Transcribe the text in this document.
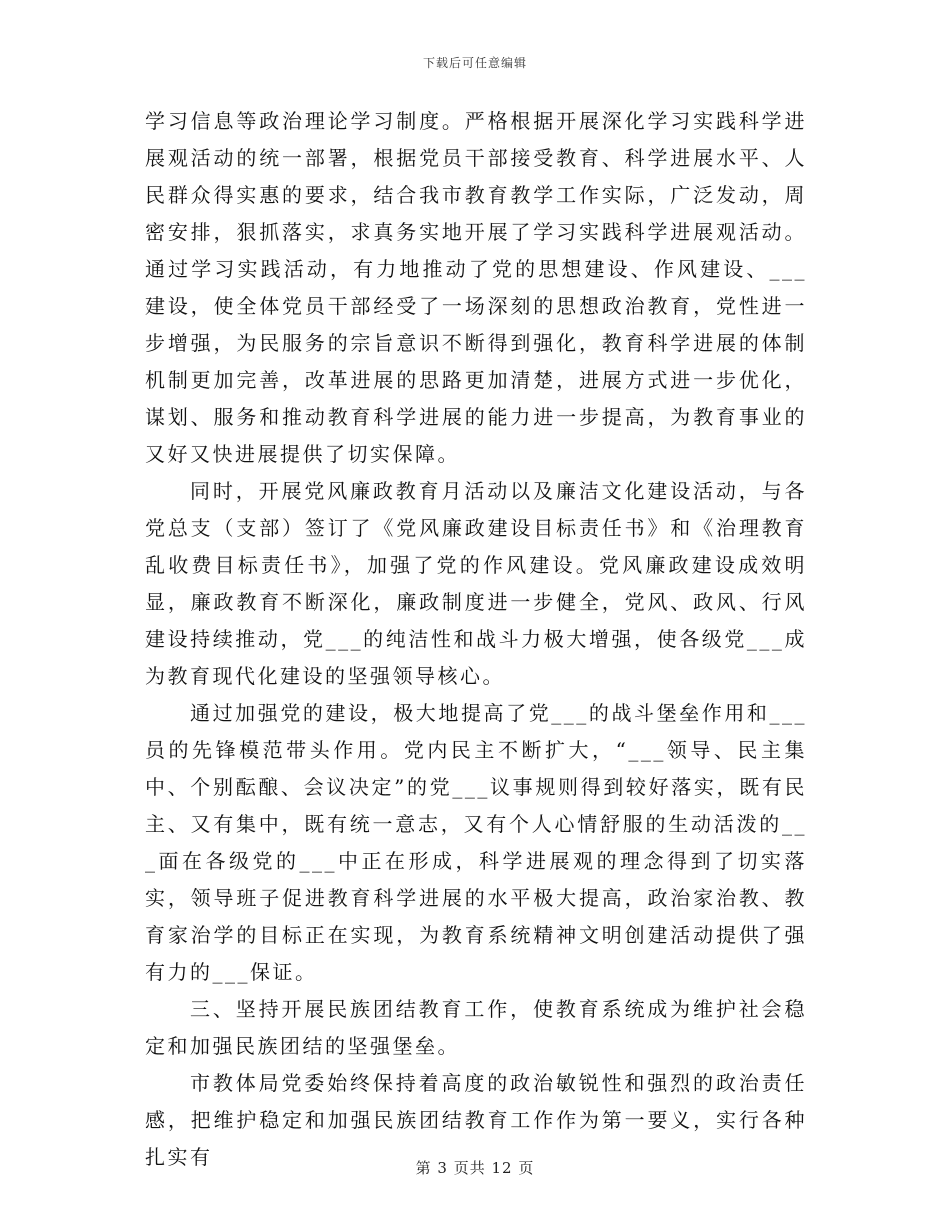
下载后可任意编辑

学习信息等政治理论学习制度。严格根据开展深化学习实践科学进展观活动的统一部署，根据党员干部接受教育、科学进展水平、人民群众得实惠的要求，结合我市教育教学工作实际，广泛发动，周密安排，狠抓落实，求真务实地开展了学习实践科学进展观活动。通过学习实践活动，有力地推动了党的思想建设、作风建设、___建设，使全体党员干部经受了一场深刻的思想政治教育，党性进一步增强，为民服务的宗旨意识不断得到强化，教育科学进展的体制机制更加完善，改革进展的思路更加清楚，进展方式进一步优化，谋划、服务和推动教育科学进展的能力进一步提高，为教育事业的又好又快进展提供了切实保障。

同时，开展党风廉政教育月活动以及廉洁文化建设活动，与各党总支（支部）签订了《党风廉政建设目标责任书》和《治理教育乱收费目标责任书》，加强了党的作风建设。党风廉政建设成效明显，廉政教育不断深化，廉政制度进一步健全，党风、政风、行风建设持续推动，党___的纯洁性和战斗力极大增强，使各级党___成为教育现代化建设的坚强领导核心。

通过加强党的建设，极大地提高了党___的战斗堡垒作用和___员的先锋模范带头作用。党内民主不断扩大，“___领导、民主集中、个别酝酿、会议决定”的党___议事规则得到较好落实，既有民主、又有集中，既有统一意志，又有个人心情舒服的生动活泼的___面在各级党的___中正在形成，科学进展观的理念得到了切实落实，领导班子促进教育科学进展的水平极大提高，政治家治教、教育家治学的目标正在实现，为教育系统精神文明创建活动提供了强有力的___保证。

三、坚持开展民族团结教育工作，使教育系统成为维护社会稳定和加强民族团结的坚强堡垒。

市教体局党委始终保持着高度的政治敏锐性和强烈的政治责任感，把维护稳定和加强民族团结教育工作作为第一要义，实行各种扎实有	第 3 页共 12 页
